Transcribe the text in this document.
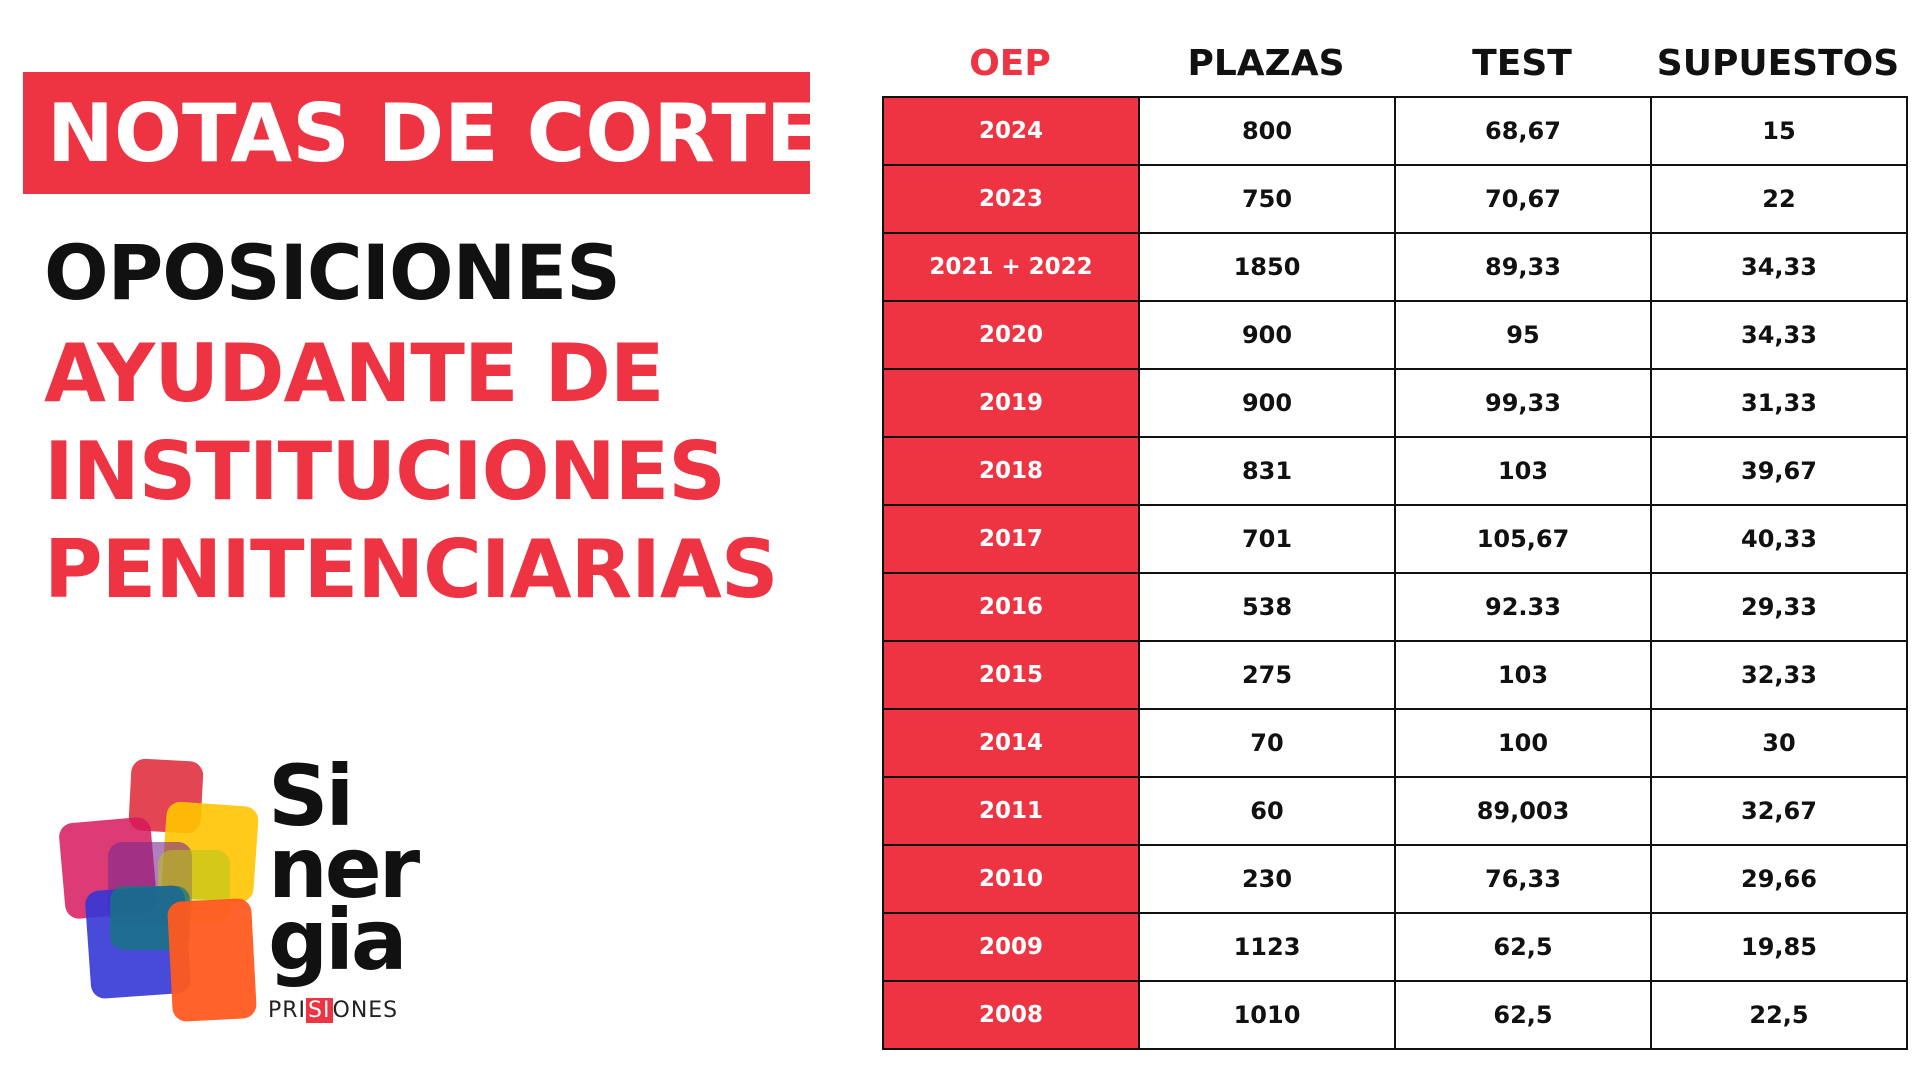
NOTAS DE CORTE
OPOSICIONES
AYUDANTE DE
INSTITUCIONES
PENITENCIARIAS
Si
ner
gia
PRISIONES
OEP	PLAZAS	TEST	SUPUESTOS
2024	800	68,67	15
2023	750	70,67	22
2021 + 2022	1850	89,33	34,33
2020	900	95	34,33
2019	900	99,33	31,33
2018	831	103	39,67
2017	701	105,67	40,33
2016	538	92.33	29,33
2015	275	103	32,33
2014	70	100	30
2011	60	89,003	32,67
2010	230	76,33	29,66
2009	1123	62,5	19,85
2008	1010	62,5	22,5
